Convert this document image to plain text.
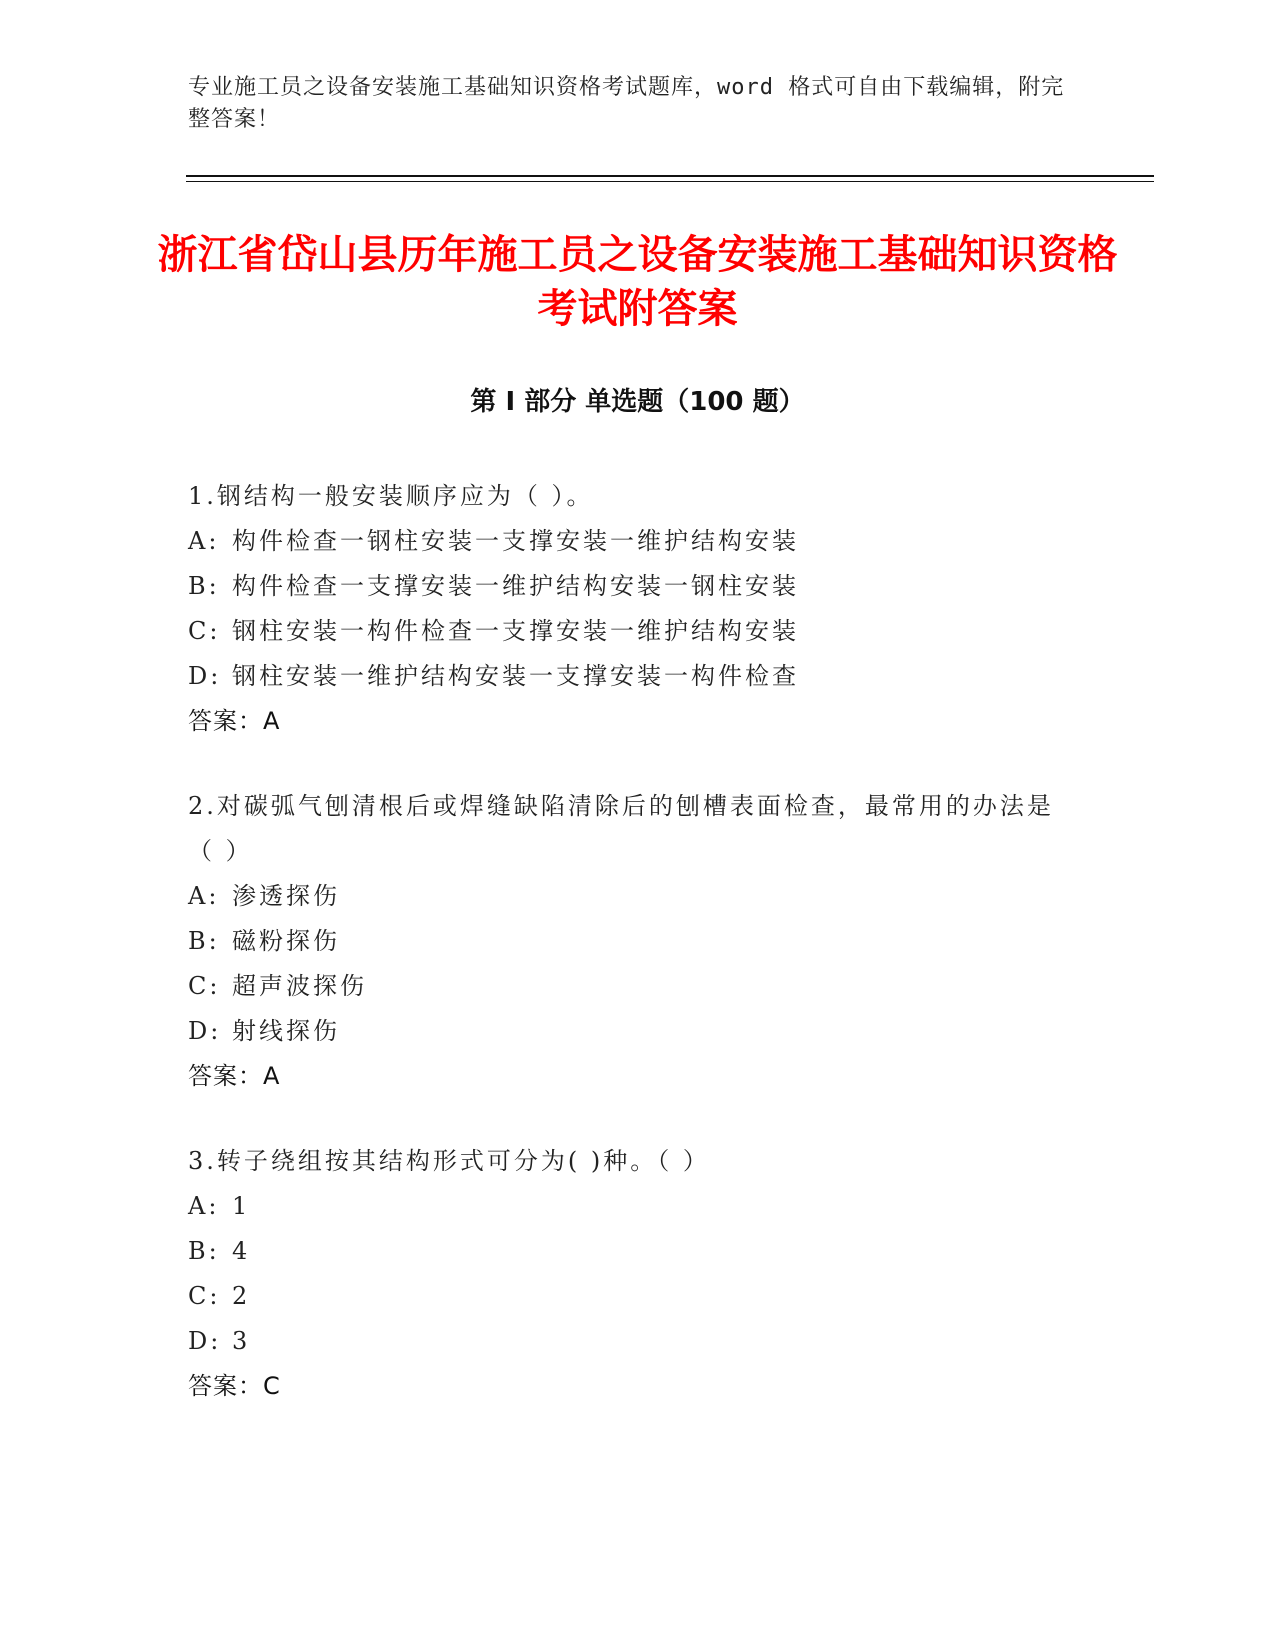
专业施工员之设备安装施工基础知识资格考试题库，word 格式可自由下载编辑，附完整答案！
浙江省岱山县历年施工员之设备安装施工基础知识资格考试附答案
第 I 部分 单选题（100 题）
1.钢结构一般安装顺序应为（ ）。
A: 构件检查一钢柱安装一支撑安装一维护结构安装
B: 构件检查一支撑安装一维护结构安装一钢柱安装
C: 钢柱安装一构件检查一支撑安装一维护结构安装
D: 钢柱安装一维护结构安装一支撑安装一构件检查
答案：A
2.对碳弧气刨清根后或焊缝缺陷清除后的刨槽表面检查，最常用的办法是（ ）
A: 渗透探伤
B: 磁粉探伤
C: 超声波探伤
D: 射线探伤
答案：A
3.转子绕组按其结构形式可分为( )种。（ ）
A: 1
B: 4
C: 2
D: 3
答案：C
